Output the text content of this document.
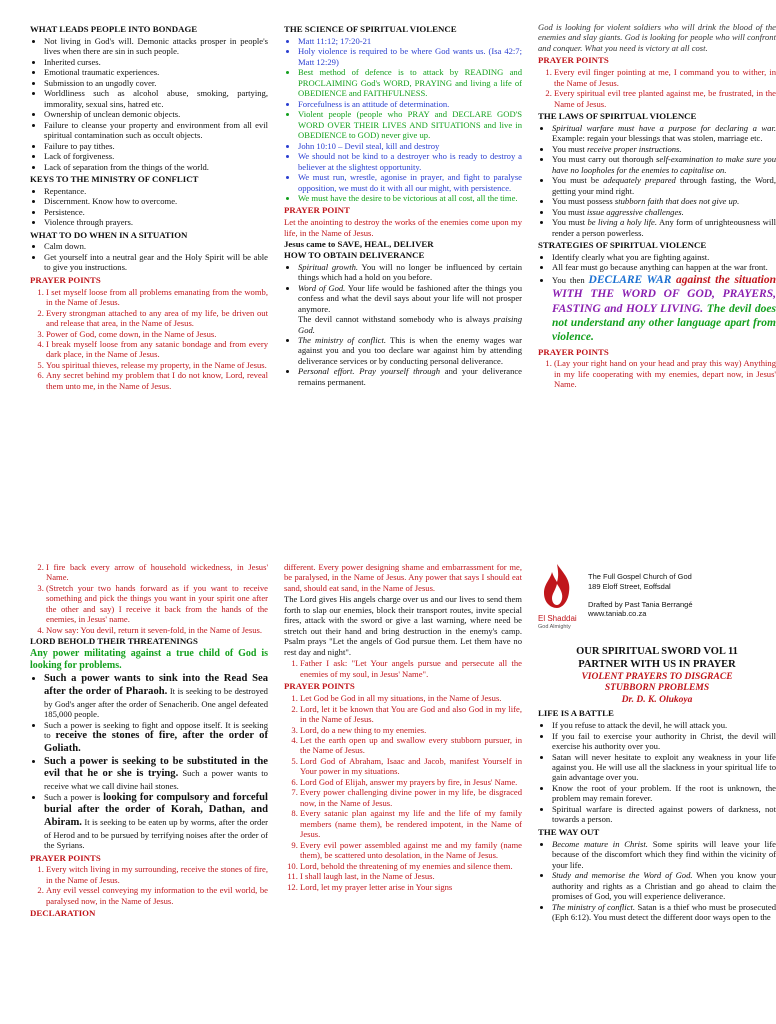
WHAT LEADS PEOPLE INTO BONDAGE
• Not living in God's will. Demonic attacks prosper in people's lives when there are sin in such people.
• Inherited curses.
• Emotional traumatic experiences.
• Submission to an ungodly cover.
• Worldliness such as alcohol abuse, smoking, partying, immorality, sexual sins, hatred etc.
• Ownership of unclean demonic objects.
• Failure to cleanse your property and environment from all evil spiritual contamination such as occult objects.
• Failure to pay tithes.
• Lack of forgiveness.
• Lack of separation from the things of the world.
KEYS TO THE MINISTRY OF CONFLICT
• Repentance.
• Discernment. Know how to overcome.
• Persistence.
• Violence through prayers.
WHAT TO DO WHEN IN A SITUATION
• Calm down.
• Get yourself into a neutral gear and the Holy Spirit will be able to give you instructions.
PRAYER POINTS
1. I set myself loose from all problems emanating from the womb, in the Name of Jesus.
2. Every strongman attached to any area of my life, be driven out and release that area, in the Name of Jesus.
3. Power of God, come down, in the Name of Jesus.
4. I break myself loose from any satanic bondage and from every dark place, in the Name of Jesus.
5. You spiritual thieves, release my property, in the Name of Jesus.
6. Any secret behind my problem that I do not know, Lord, reveal them unto me, in the Name of Jesus.
THE SCIENCE OF SPIRITUAL VIOLENCE
• Matt 11:12; 17:20-21
• Holy violence is required to be where God wants us. (Isa 42:7; Matt 12:29)
• Best method of defence is to attack by READING and PROCLAIMING God's WORD, PRAYING and living a life of OBEDIENCE and FAITHFULNESS.
• Forcefulness is an attitude of determination.
• Violent people (people who PRAY and DECLARE GOD'S WORD OVER THEIR LIVES AND SITUATIONS and live in OBEDIENCE to GOD) never give up.
• John 10:10 – Devil steal, kill and destroy
• We should not be kind to a destroyer who is ready to destroy a believer at the slightest opportunity.
• We must run, wrestle, agonise in prayer, and fight to paralyse opposition, we must do it with all our might, with persistence.
• We must have the desire to be victorious at all cost, all the time.
PRAYER POINT

Let the anointing to destroy the works of the enemies come upon my life, in the Name of Jesus.

Jesus came to SAVE, HEAL, DELIVER
HOW TO OBTAIN DELIVERANCE
• Spiritual growth. You will no longer be influenced by certain things which had a hold on you before.
• Word of God. Your life would be fashioned after the things you confess and what the devil says about your life will not prosper anymore.
The devil cannot withstand somebody who is always praising God.
• The ministry of conflict. This is when the enemy wages war against you and you too declare war against him by attending deliverance services or by conducting personal deliverance.
• Personal effort. Pray yourself through and your deliverance remains permanent.

God is looking for violent soldiers who will drink the blood of the enemies and slay giants. God is looking for people who will confront and conquer. What you need is victory at all cost.

PRAYER POINTS
1. Every evil finger pointing at me, I command you to wither, in the Name of Jesus.
2. Every spiritual evil tree planted against me, be frustrated, in the Name of Jesus.
THE LAWS OF SPIRITUAL VIOLENCE
• Spiritual warfare must have a purpose for declaring a war. Example: regain your blessings that was stolen, marriage etc.
• You must receive proper instructions.
• You must carry out thorough self-examination to make sure you have no loopholes for the enemies to capitalise on.
• You must be adequately prepared through fasting, the Word, getting your mind right.
• You must possess stubborn faith that does not give up.
• You must issue aggressive challenges.
• You must be living a holy life. Any form of unrighteousness will render a person powerless.
STRATEGIES OF SPIRITUAL VIOLENCE
• Identify clearly what you are fighting against.
• All fear must go because anything can happen at the war front.
• You then DECLARE WAR against the situation WITH THE WORD OF GOD, PRAYERS, FASTING and HOLY LIVING. The devil does not understand any other language apart from violence.
PRAYER POINTS
1. (Lay your right hand on your head and pray this way) Anything in my life cooperating with my enemies, depart now, in Jesus' Name.
2. I fire back every arrow of household wickedness, in Jesus' Name.
3. (Stretch your two hands forward as if you want to receive something and pick the things you want in your spirit one after the other and say) I receive it back from the hands of the enemies, in Jesus' name.
4. Now say: You devil, return it seven-fold, in the Name of Jesus.
LORD BEHOLD THEIR THREATENINGS

Any power militating against a true child of God is looking for problems.

• Such a power wants to sink into the Read Sea after the order of Pharaoh. It is seeking to be destroyed by God's anger after the order of Senacherib. One angel defeated 185,000 people.
• Such a power is seeking to fight and oppose itself. It is seeking to receive the stones of fire, after the order of Goliath.
• Such a power is seeking to be substituted in the evil that he or she is trying. Such a power wants to receive what we call divine hail stones.
• Such a power is looking for compulsory and forceful burial after the order of Korah, Dathan, and Abiram. It is seeking to be eaten up by worms, after the order of Herod and to be pursued by terrifying noises after the order of the Syrians.
PRAYER POINTS
1. Every witch living in my surrounding, receive the stones of fire, in the Name of Jesus.
2. Any evil vessel conveying my information to the evil world, be paralysed now, in the Name of Jesus.
DECLARATION

different. Every power designing shame and embarrassment for me, be paralysed, in the Name of Jesus. Any power that says I should eat sand, should eat sand, in the Name of Jesus.

The Lord gives His angels charge over us and our lives to send them forth to slap our enemies, block their transport routes, invite special fires, attack with the sword or give a last warning, where need be stretch out their hand and bring destruction in the enemy's camp. Psalm prays "Let the angels of God pursue them. Let them have no rest day and night".

1. Father I ask: "Let Your angels pursue and persecute all the enemies of my soul, in Jesus' Name".
PRAYER POINTS
1. Let God be God in all my situations, in the Name of Jesus.
2. Lord, let it be known that You are God and also God in my life, in the Name of Jesus.
3. Lord, do a new thing to my enemies.
4. Let the earth open up and swallow every stubborn pursuer, in the Name of Jesus.
5. Lord God of Abraham, Isaac and Jacob, manifest Yourself in Your power in my situations.
6. Lord God of Elijah, answer my prayers by fire, in Jesus' Name.
7. Every power challenging divine power in my life, be disgraced now, in the Name of Jesus.
8. Every satanic plan against my life and the life of my family members (name them), be rendered impotent, in the Name of Jesus.
9. Every evil power assembled against me and my family (name them), be scattered unto desolation, in the Name of Jesus.
10. Lord, behold the threatening of my enemies and silence them.
11. I shall laugh last, in the Name of Jesus.
12. Lord, let my prayer letter arise in Your signs
El Shaddai
God Almighty
The Full Gospel Church of God
189 Eloff Street, Eoffsdal
Drafted by Past Tania Berrangé
www.taniab.co.za
OUR SPIRITUAL SWORD VOL 11
PARTNER WITH US IN PRAYER
VIOLENT PRAYERS TO DISGRACE
STUBBORN PROBLEMS
Dr. D. K. Olukoya
LIFE IS A BATTLE
• If you refuse to attack the devil, he will attack you.
• If you fail to exercise your authority in Christ, the devil will exercise his authority over you.
• Satan will never hesitate to exploit any weakness in your life against you. He will use all the slackness in your spiritual life to gain advantage over you.
• Know the root of your problem. If the root is unknown, the problem may remain forever.
• Spiritual warfare is directed against powers of darkness, not towards a person.
THE WAY OUT
• Become mature in Christ. Some spirits will leave your life because of the discomfort which they find within the vicinity of your life.
• Study and memorise the Word of God. When you know your authority and rights as a Christian and go ahead to claim the promises of God, you will experience deliverance.
• The ministry of conflict. Satan is a thief who must be prosecuted (Eph 6:12). You must detect the different door ways open to the
